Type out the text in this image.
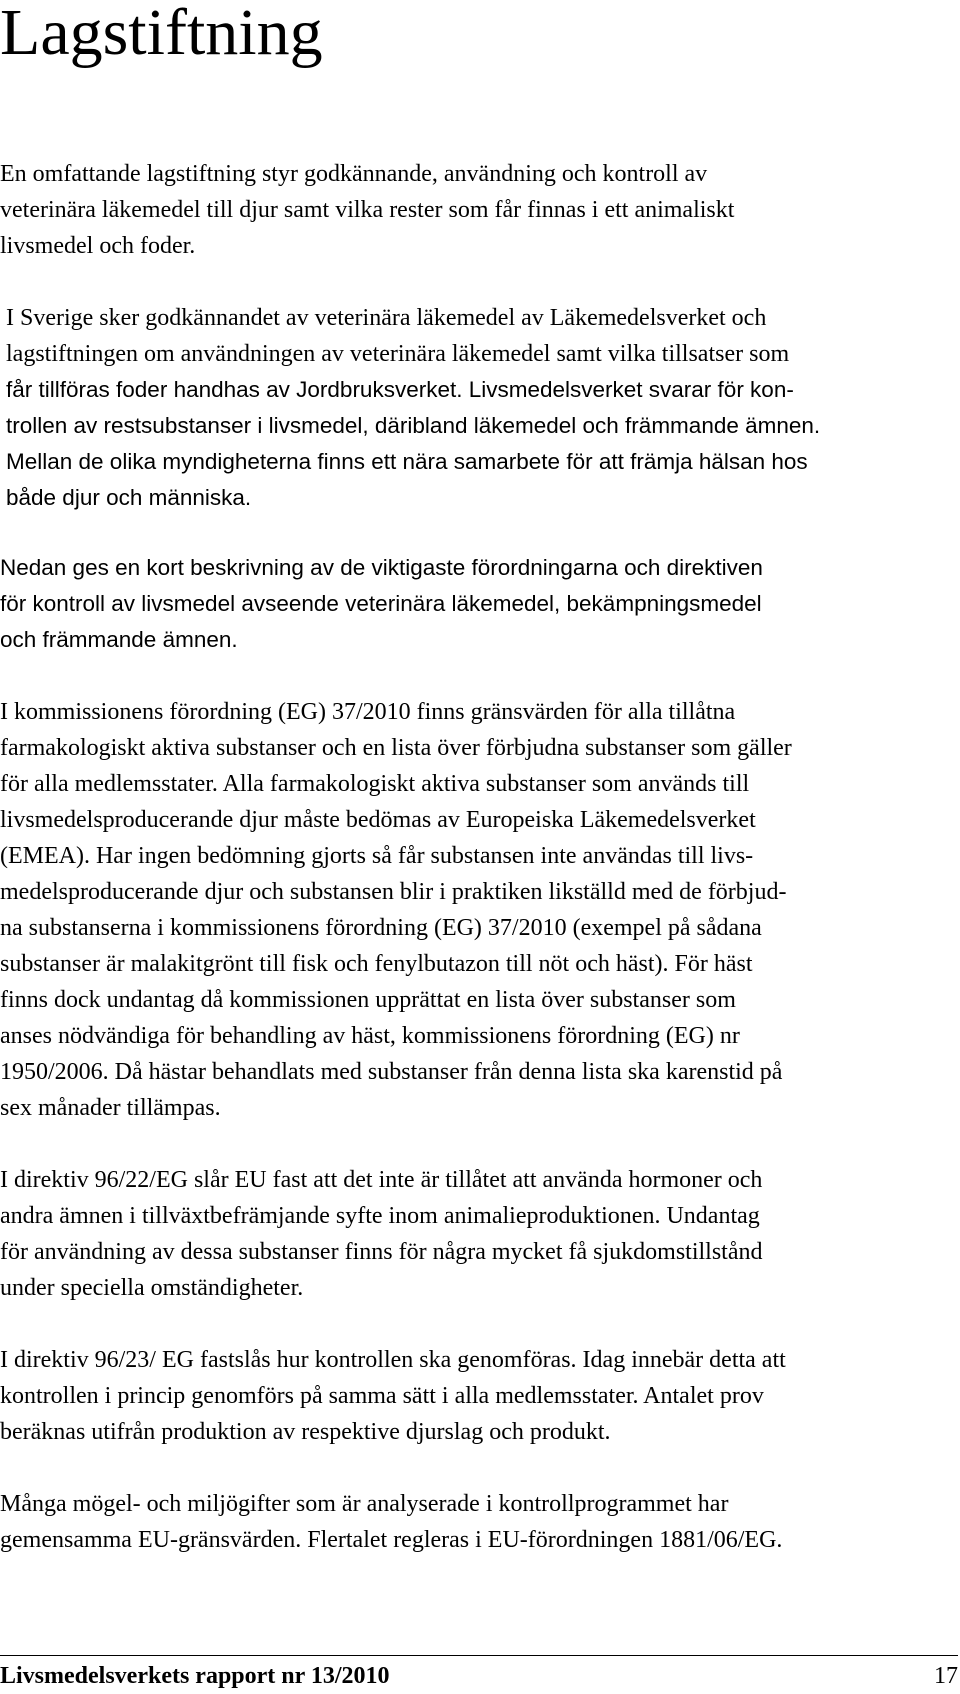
Lagstiftning

En omfattande lagstiftning styr godkännande, användning och kontroll av
veterinära läkemedel till djur samt vilka rester som får finnas i ett animaliskt
livsmedel och foder.

I Sverige sker godkännandet av veterinära läkemedel av Läkemedelsverket och
lagstiftningen om användningen av veterinära läkemedel samt vilka tillsatser som
får tillföras foder handhas av Jordbruksverket. Livsmedelsverket svarar för kon-
trollen av restsubstanser i livsmedel, däribland läkemedel och främmande ämnen.
Mellan de olika myndigheterna finns ett nära samarbete för att främja hälsan hos
både djur och människa.

Nedan ges en kort beskrivning av de viktigaste förordningarna och direktiven
för kontroll av livsmedel avseende veterinära läkemedel, bekämpningsmedel
och främmande ämnen.

I kommissionens förordning (EG) 37/2010 finns gränsvärden för alla tillåtna
farmakologiskt aktiva substanser och en lista över förbjudna substanser som gäller
för alla medlemsstater. Alla farmakologiskt aktiva substanser som används till
livsmedelsproducerande djur måste bedömas av Europeiska Läkemedelsverket
(EMEA). Har ingen bedömning gjorts så får substansen inte användas till livs-
medelsproducerande djur och substansen blir i praktiken likställd med de förbjud-
na substanserna i kommissionens förordning (EG) 37/2010 (exempel på sådana
substanser är malakitgrönt till fisk och fenylbutazon till nöt och häst). För häst
finns dock undantag då kommissionen upprättat en lista över substanser som
anses nödvändiga för behandling av häst, kommissionens förordning (EG) nr
1950/2006. Då hästar behandlats med substanser från denna lista ska karenstid på
sex månader tillämpas.

I direktiv 96/22/EG slår EU fast att det inte är tillåtet att använda hormoner och
andra ämnen i tillväxtbefrämjande syfte inom animalieproduktionen. Undantag
för användning av dessa substanser finns för några mycket få sjukdomstillstånd
under speciella omständigheter.

I direktiv 96/23/ EG fastslås hur kontrollen ska genomföras. Idag innebär detta att
kontrollen i princip genomförs på samma sätt i alla medlemsstater. Antalet prov
beräknas utifrån produktion av respektive djurslag och produkt.

Många mögel- och miljögifter som är analyserade i kontrollprogrammet har
gemensamma EU-gränsvärden. Flertalet regleras i EU-förordningen 1881/06/EG.

Livsmedelsverkets rapport nr 13/2010	17
